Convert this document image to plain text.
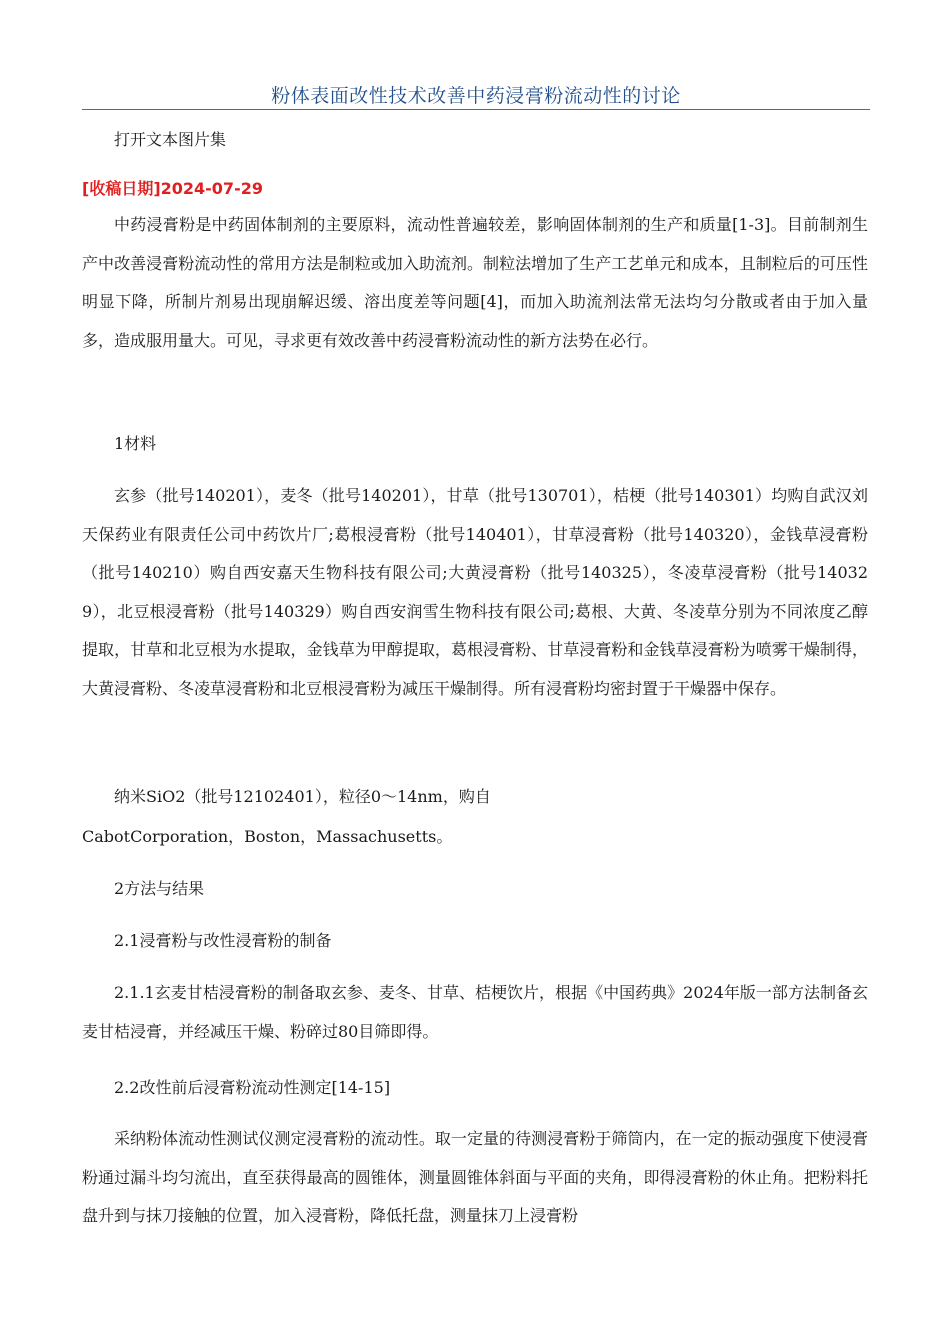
粉体表面改性技术改善中药浸膏粉流动性的讨论

打开文本图片集

[收稿日期]2024-07-29

中药浸膏粉是中药固体制剂的主要原料，流动性普遍较差，影响固体制剂的生产和质量[1-3]。目前制剂生产中改善浸膏粉流动性的常用方法是制粒或加入助流剂。制粒法增加了生产工艺单元和成本，且制粒后的可压性明显下降，所制片剂易出现崩解迟缓、溶出度差等问题[4]，而加入助流剂法常无法均匀分散或者由于加入量多，造成服用量大。可见，寻求更有效改善中药浸膏粉流动性的新方法势在必行。

1材料

玄参（批号140201），麦冬（批号140201），甘草（批号130701），桔梗（批号140301）均购自武汉刘天保药业有限责任公司中药饮片厂;葛根浸膏粉（批号140401），甘草浸膏粉（批号140320），金钱草浸膏粉（批号140210）购自西安嘉天生物科技有限公司;大黄浸膏粉（批号140325），冬凌草浸膏粉（批号140329），北豆根浸膏粉（批号140329）购自西安润雪生物科技有限公司;葛根、大黄、冬凌草分别为不同浓度乙醇提取，甘草和北豆根为水提取，金钱草为甲醇提取，葛根浸膏粉、甘草浸膏粉和金钱草浸膏粉为喷雾干燥制得，大黄浸膏粉、冬凌草浸膏粉和北豆根浸膏粉为减压干燥制得。所有浸膏粉均密封置于干燥器中保存。

纳米SiO2（批号12102401），粒径0～14nm，购自

CabotCorporation，Boston，Massachusetts。

2方法与结果

2.1浸膏粉与改性浸膏粉的制备

2.1.1玄麦甘桔浸膏粉的制备取玄参、麦冬、甘草、桔梗饮片，根据《中国药典》2024年版一部方法制备玄麦甘桔浸膏，并经减压干燥、粉碎过80目筛即得。

2.2改性前后浸膏粉流动性测定[14-15]

采纳粉体流动性测试仪测定浸膏粉的流动性。取一定量的待测浸膏粉于筛筒内，在一定的振动强度下使浸膏粉通过漏斗均匀流出，直至获得最高的圆锥体，测量圆锥体斜面与平面的夹角，即得浸膏粉的休止角。把粉料托盘升到与抹刀接触的位置，加入浸膏粉，降低托盘，测量抹刀上浸膏粉
